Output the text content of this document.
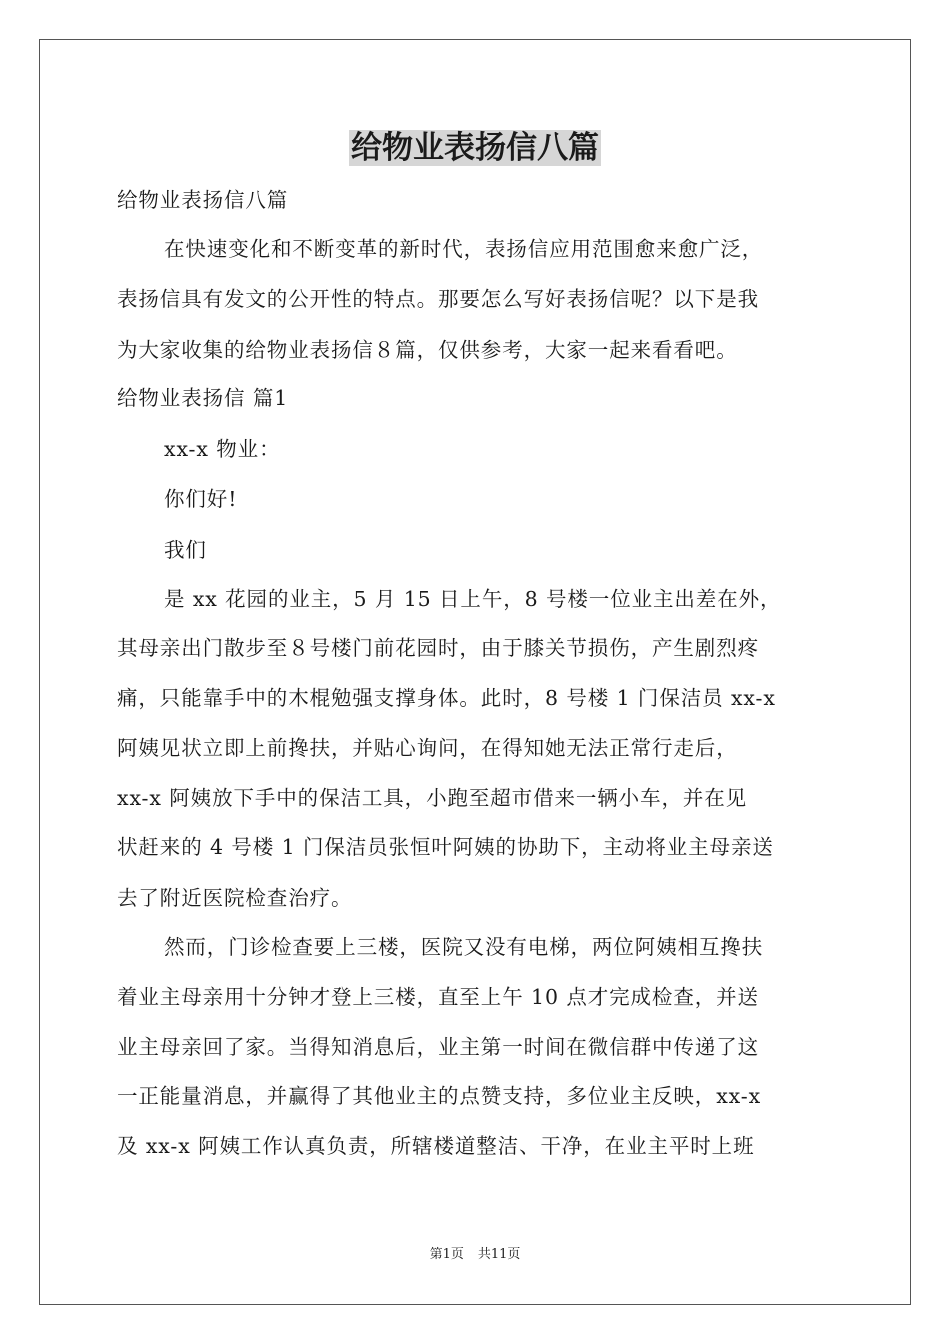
给物业表扬信八篇
给物业表扬信八篇
在快速变化和不断变革的新时代，表扬信应用范围愈来愈广泛，
表扬信具有发文的公开性的特点。那要怎么写好表扬信呢？以下是我
为大家收集的给物业表扬信８篇，仅供参考，大家一起来看看吧。
给物业表扬信 篇1
xx-x 物业：
你们好!
我们
是 xx 花园的业主，5 月 15 日上午，8 号楼一位业主出差在外，
其母亲出门散步至８号楼门前花园时，由于膝关节损伤，产生剧烈疼
痛，只能靠手中的木棍勉强支撑身体。此时，8 号楼 1 门保洁员 xx-x
阿姨见状立即上前搀扶，并贴心询问，在得知她无法正常行走后，
xx-x 阿姨放下手中的保洁工具，小跑至超市借来一辆小车，并在见
状赶来的 4 号楼 1 门保洁员张恒叶阿姨的协助下，主动将业主母亲送
去了附近医院检查治疗。
然而，门诊检查要上三楼，医院又没有电梯，两位阿姨相互搀扶
着业主母亲用十分钟才登上三楼，直至上午 10 点才完成检查，并送
业主母亲回了家。当得知消息后，业主第一时间在微信群中传递了这
一正能量消息，并赢得了其他业主的点赞支持，多位业主反映，xx-x
及 xx-x 阿姨工作认真负责，所辖楼道整洁、干净，在业主平时上班
第1页 共11页
